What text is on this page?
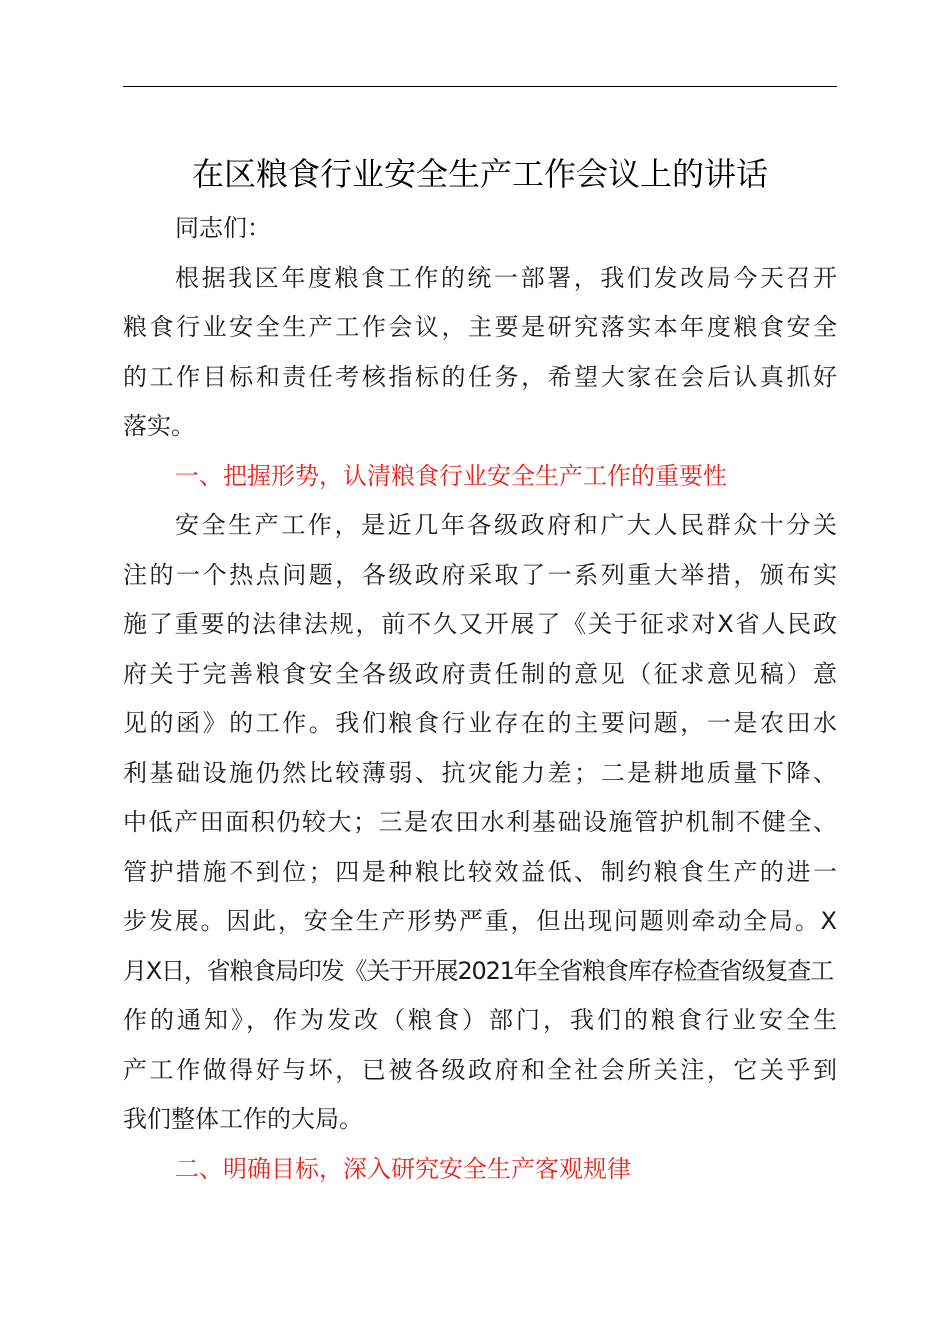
在区粮食行业安全生产工作会议上的讲话

同志们：

根据我区年度粮食工作的统一部署，我们发改局今天召开
粮食行业安全生产工作会议，主要是研究落实本年度粮食安全
的工作目标和责任考核指标的任务，希望大家在会后认真抓好
落实。

一、把握形势，认清粮食行业安全生产工作的重要性

安全生产工作，是近几年各级政府和广大人民群众十分关
注的一个热点问题，各级政府采取了一系列重大举措，颁布实
施了重要的法律法规，前不久又开展了《关于征求对X省人民政
府关于完善粮食安全各级政府责任制的意见（征求意见稿）意
见的函》的工作。我们粮食行业存在的主要问题，一是农田水
利基础设施仍然比较薄弱、抗灾能力差；二是耕地质量下降、
中低产田面积仍较大；三是农田水利基础设施管护机制不健全、
管护措施不到位；四是种粮比较效益低、制约粮食生产的进一
步发展。因此，安全生产形势严重，但出现问题则牵动全局。X
月X日，省粮食局印发《关于开展2021年全省粮食库存检查省级复查工
作的通知》，作为发改（粮食）部门，我们的粮食行业安全生
产工作做得好与坏，已被各级政府和全社会所关注，它关乎到
我们整体工作的大局。

二、明确目标，深入研究安全生产客观规律
